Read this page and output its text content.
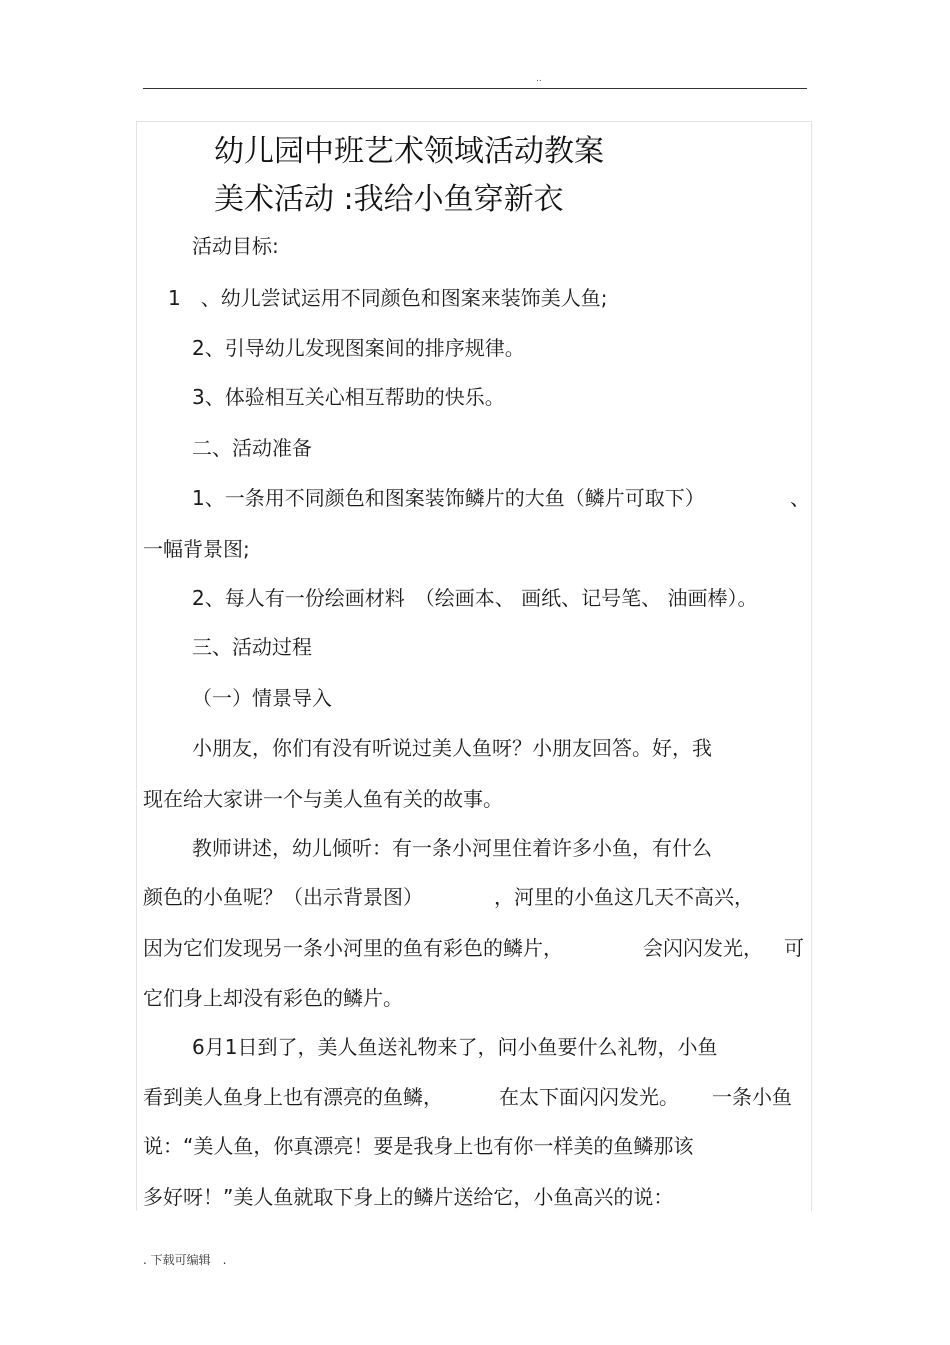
..
幼儿园中班艺术领域活动教案
美术活动 :我给小鱼穿新衣
活动目标:
1　、幼儿尝试运用不同颜色和图案来装饰美人鱼;
2、引导幼儿发现图案间的排序规律。
3、体验相互关心相互帮助的快乐。
二、活动准备
1、一条用不同颜色和图案装饰鳞片的大鱼（鳞片可取下）	、
一幅背景图;
2、每人有一份绘画材料　（绘画本、 画纸、记号笔、 油画棒）。
三、活动过程
（一）情景导入
小朋友，你们有没有听说过美人鱼呀？小朋友回答。好，我
现在给大家讲一个与美人鱼有关的故事。
教师讲述，幼儿倾听：有一条小河里住着许多小鱼，有什么
颜色的小鱼呢？（出示背景图）	，河里的小鱼这几天不高兴，
因为它们发现另一条小河里的鱼有彩色的鳞片，	会闪闪发光， 可
它们身上却没有彩色的鳞片。
6月1日到了，美人鱼送礼物来了，问小鱼要什么礼物，小鱼
看到美人鱼身上也有漂亮的鱼鳞，	在太下面闪闪发光。 一条小鱼
说：“美人鱼，你真漂亮！要是我身上也有你一样美的鱼鳞那该
多好呀！”美人鱼就取下身上的鳞片送给它，小鱼高兴的说：
. 下载可编辑　.
